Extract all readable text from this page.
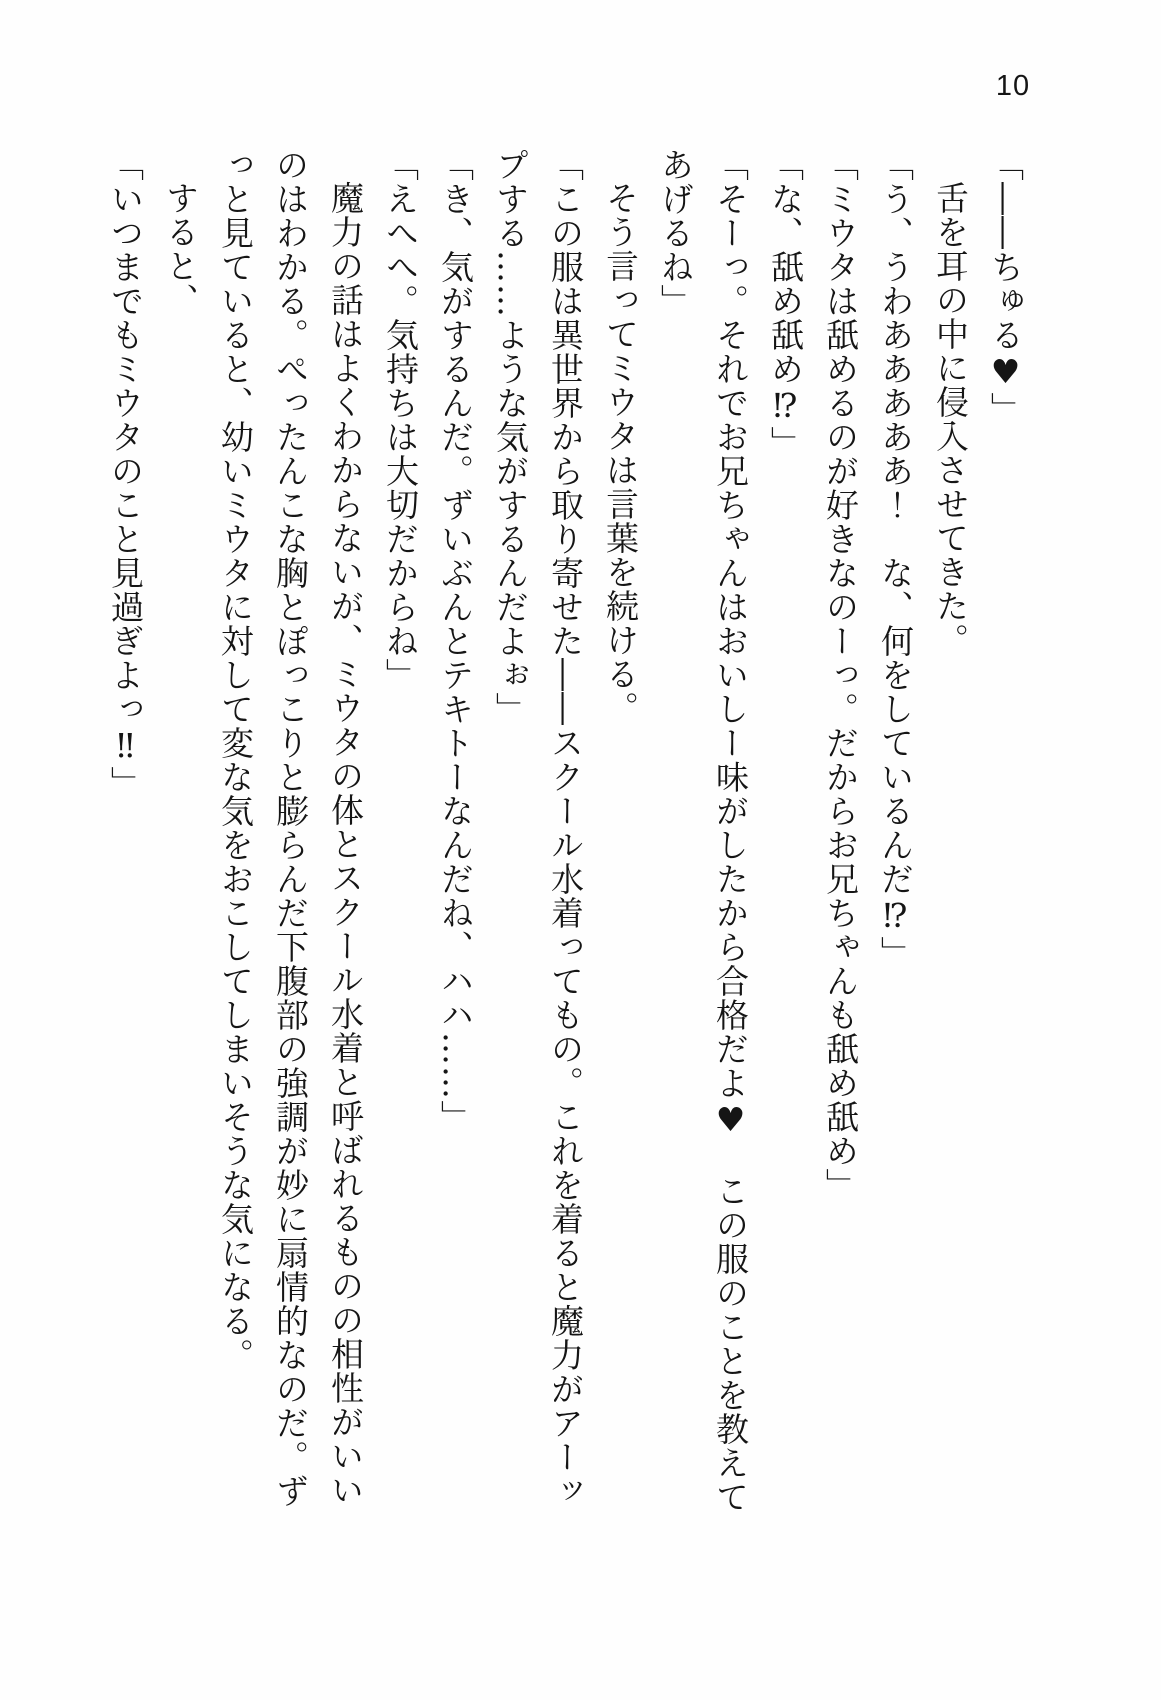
10

「――ちゅる♥」

舌を耳の中に侵入させてきた。

「う、うわあああああ！　な、何をしているんだ⁉」

「ミウタは舐めるのが好きなのーっ。だからお兄ちゃんも舐め舐め」

「な、舐め舐め⁉」

「そーっ。それでお兄ちゃんはおいしー味がしたから合格だよ♥　この服のことを教えて

あげるね」

そう言ってミウタは言葉を続ける。

「この服は異世界から取り寄せた――スクール水着ってもの。これを着ると魔力がアーッ

プする……ような気がするんだよぉ」

「き、気がするんだ。ずいぶんとテキトーなんだね、ハハ……」

「えへへ。気持ちは大切だからね」

魔力の話はよくわからないが、ミウタの体とスクール水着と呼ばれるものの相性がいい

のはわかる。ぺったんこな胸とぽっこりと膨らんだ下腹部の強調が妙に扇情的なのだ。ず

っと見ていると、幼いミウタに対して変な気をおこしてしまいそうな気になる。

すると、

「いつまでもミウタのこと見過ぎよっ‼」
